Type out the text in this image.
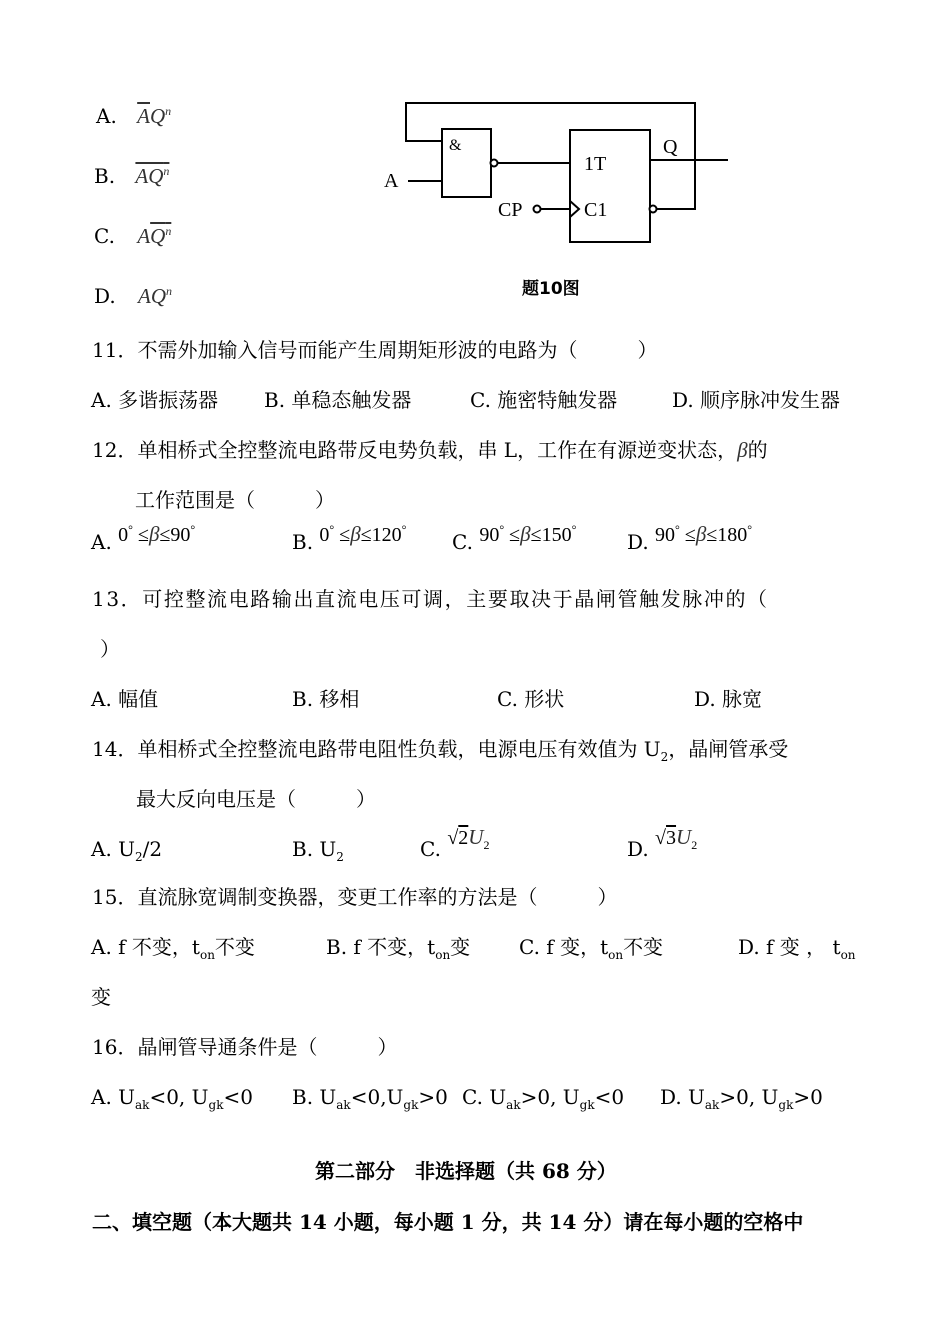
A. $\overline{A}Q^n$
B. $AQ^n$
C. $AQ^n$
D. $AQ^n$
&
A
1T
C1
CP
Q
题10图
11．不需外加输入信号而能产生周期矩形波的电路为（　　　）
A. 多谐振荡器 B. 单稳态触发器	C. 施密特触发器	D. 顺序脉冲发生器
12．单相桥式全控整流电路带反电势负载，串 L，工作在有源逆变状态，β的
工作范围是（　　　）
A. 0° ≤β≤90°
B. 0° ≤β≤120°
C. 90° ≤β≤150°
D. 90° ≤β≤180°
13．可控整流电路输出直流电压可调，主要取决于晶闸管触发脉冲的（
）
A. 幅值	B. 移相	C. 形状	D. 脉宽
14．单相桥式全控整流电路带电阻性负载，电源电压有效值为 $U_2$，晶闸管承受
最大反向电压是（　　　）
A. $U_2/2$	B. $U_2$	C. $√2U_2$	D. $√3U_2$
15．直流脉宽调制变换器，变更工作率的方法是（　　　）
A. f 不变，$t_{on}$不变	B. f 不变，$t_{on}$变 C. f 变，$t_{on}$不变	D. f 变 ， $t_{on}$
变
16．晶闸管导通条件是（　　　）
A. $U_{ak}<0$, $U_{gk}<0$ B. $U_{ak}<0,U_{gk}>0$ C. $U_{ak}>0$, $U_{gk}<0$ D. $U_{ak}>0$, $U_{gk}>0$
第二部分　非选择题（共 68 分）
二、填空题（本大题共 14 小题，每小题 1 分，共 14 分）请在每小题的空格中
